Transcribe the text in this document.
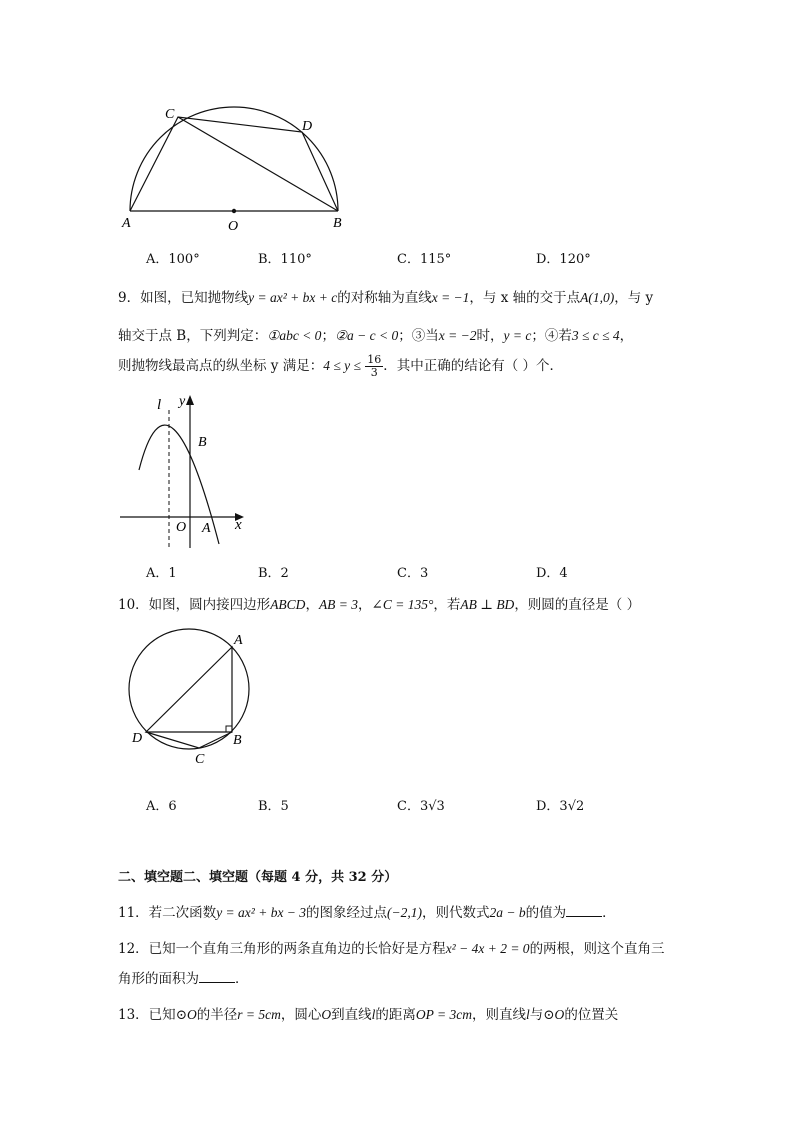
C
D
A	O	B
A．100°	B．110°	C．115°	D．120°
9．如图，已知抛物线y = ax² + bx + c的对称轴为直线x = −1，与 x 轴的交于点A(1,0)，与 y
轴交于点 B，下列判定：①abc < 0；②a − c < 0；③当x = −2时，y = c；④若3 ≤ c ≤ 4，
则抛物线最高点的纵坐标 y 满足：$4 \le y \le \frac{16}{3}$ ．其中正确的结论有（ ）个．
l y
B
O A x
A．1	B．2	C．3	D．4
10．如图，圆内接四边形ABCD，AB = 3，∠C = 135°，若AB ⊥ BD，则圆的直径是（ ）
A
D	B
C
A．6	B．5	C．3√3	D．3√2
二、填空题二、填空题（每题 4 分，共 32 分）
11．若二次函数y = ax² + bx − 3的图象经过点(−2,1)，则代数式2a − b的值为	．
12．已知一个直角三角形的两条直角边的长恰好是方程x² − 4x + 2 = 0的两根，则这个直角三
角形的面积为	．
13．已知⊙O的半径r = 5cm，圆心O到直线l的距离OP = 3cm，则直线l与⊙O的位置关
